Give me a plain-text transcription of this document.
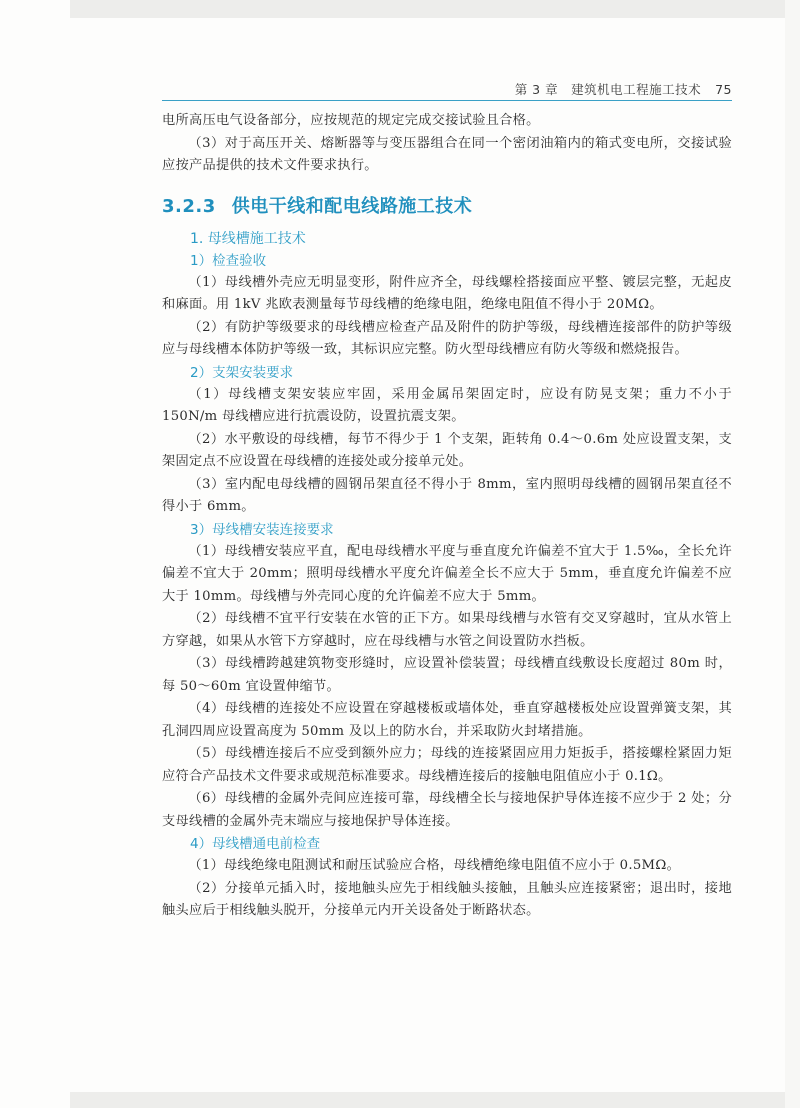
第 3 章　建筑机电工程施工技术 75

电所高压电气设备部分，应按规范的规定完成交接试验且合格。

（3）对于高压开关、熔断器等与变压器组合在同一个密闭油箱内的箱式变电所，交接试验应按产品提供的技术文件要求执行。

3.2.3 供电干线和配电线路施工技术

1. 母线槽施工技术

1）检查验收

（1）母线槽外壳应无明显变形，附件应齐全，母线螺栓搭接面应平整、镀层完整，无起皮和麻面。用 1kV 兆欧表测量每节母线槽的绝缘电阻，绝缘电阻值不得小于 20MΩ。

（2）有防护等级要求的母线槽应检查产品及附件的防护等级，母线槽连接部件的防护等级应与母线槽本体防护等级一致，其标识应完整。防火型母线槽应有防火等级和燃烧报告。

2）支架安装要求

（1）母线槽支架安装应牢固，采用金属吊架固定时，应设有防晃支架；重力不小于 150N/m 母线槽应进行抗震设防，设置抗震支架。

（2）水平敷设的母线槽，每节不得少于 1 个支架，距转角 0.4～0.6m 处应设置支架，支架固定点不应设置在母线槽的连接处或分接单元处。

（3）室内配电母线槽的圆钢吊架直径不得小于 8mm，室内照明母线槽的圆钢吊架直径不得小于 6mm。

3）母线槽安装连接要求

（1）母线槽安装应平直，配电母线槽水平度与垂直度允许偏差不宜大于 1.5‰，全长允许偏差不宜大于 20mm；照明母线槽水平度允许偏差全长不应大于 5mm，垂直度允许偏差不应大于 10mm。母线槽与外壳同心度的允许偏差不应大于 5mm。

（2）母线槽不宜平行安装在水管的正下方。如果母线槽与水管有交叉穿越时，宜从水管上方穿越，如果从水管下方穿越时，应在母线槽与水管之间设置防水挡板。

（3）母线槽跨越建筑物变形缝时，应设置补偿装置；母线槽直线敷设长度超过 80m 时，每 50～60m 宜设置伸缩节。

（4）母线槽的连接处不应设置在穿越楼板或墙体处，垂直穿越楼板处应设置弹簧支架，其孔洞四周应设置高度为 50mm 及以上的防水台，并采取防火封堵措施。

（5）母线槽连接后不应受到额外应力；母线的连接紧固应用力矩扳手，搭接螺栓紧固力矩应符合产品技术文件要求或规范标准要求。母线槽连接后的接触电阻值应小于 0.1Ω。

（6）母线槽的金属外壳间应连接可靠，母线槽全长与接地保护导体连接不应少于 2 处；分支母线槽的金属外壳末端应与接地保护导体连接。

4）母线槽通电前检查

（1）母线绝缘电阻测试和耐压试验应合格，母线槽绝缘电阻值不应小于 0.5MΩ。

（2）分接单元插入时，接地触头应先于相线触头接触，且触头应连接紧密；退出时，接地触头应后于相线触头脱开，分接单元内开关设备处于断路状态。
